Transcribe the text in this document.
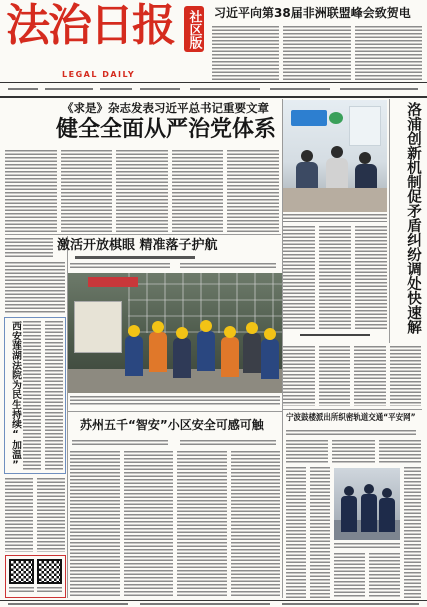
法治日报 社区版
LEGAL DAILY
习近平向第38届非洲联盟峰会致贺电
《求是》杂志发表习近平总书记重要文章
健全全面从严治党体系	洛浦创新机制促矛盾纠纷调处快速解
激活开放棋眼 精准落子护航
西安莲湖法院为民生持续“加温”	苏州五千“智安”小区安全可感可触	宁波鼓楼派出所织密轨道交通“平安网”
